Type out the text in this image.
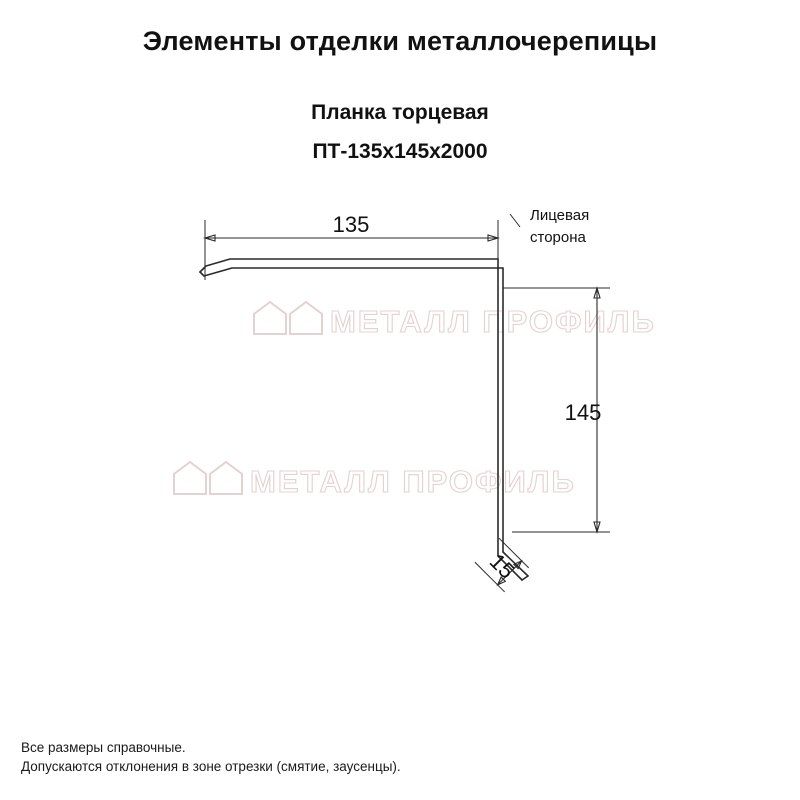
Элементы отделки металлочерепицы
Планка торцевая
ПТ-135x145x2000
МЕТАЛЛ ПРОФИЛЬ
МЕТАЛЛ ПРОФИЛЬ
135
145
15
Лицевая
сторона
Все размеры справочные.
Допускаются отклонения в зоне отрезки (смятие, заусенцы).
